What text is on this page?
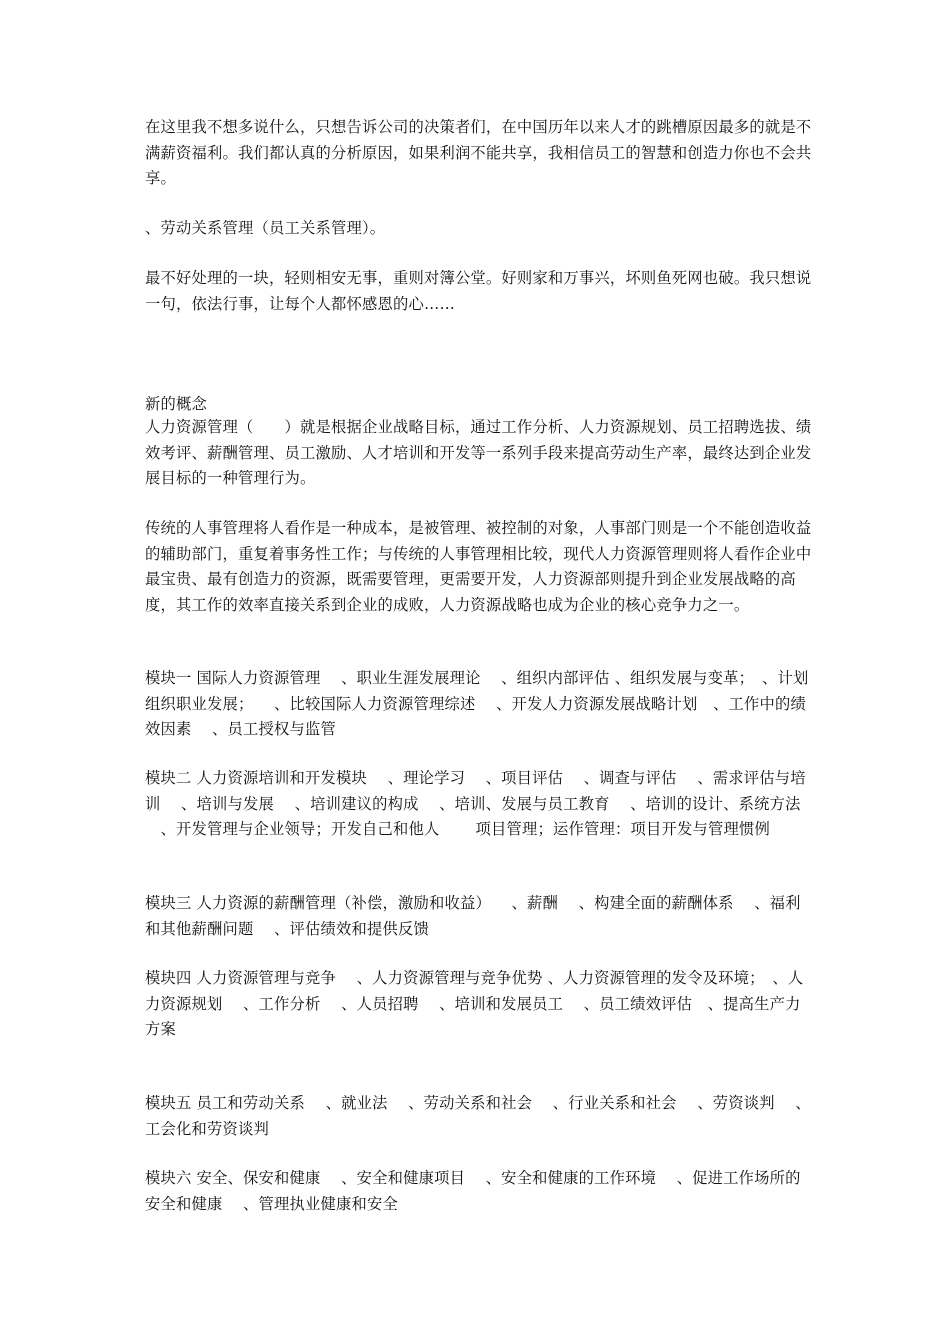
在这里我不想多说什么，只想告诉公司的决策者们，在中国历年以来人才的跳槽原因最多的就是不满薪资福利。我们都认真的分析原因，如果利润不能共享，我相信员工的智慧和创造力你也不会共享。

、劳动关系管理（员工关系管理）。

最不好处理的一块，轻则相安无事，重则对簿公堂。好则家和万事兴，坏则鱼死网也破。我只想说一句，依法行事，让每个人都怀感恩的心……

新的概念

人力资源管理（　　）就是根据企业战略目标，通过工作分析、人力资源规划、员工招聘选拔、绩效考评、薪酬管理、员工激励、人才培训和开发等一系列手段来提高劳动生产率，最终达到企业发展目标的一种管理行为。

传统的人事管理将人看作是一种成本，是被管理、被控制的对象，人事部门则是一个不能创造收益的辅助部门，重复着事务性工作；与传统的人事管理相比较，现代人力资源管理则将人看作企业中最宝贵、最有创造力的资源，既需要管理，更需要开发，人力资源部则提升到企业发展战略的高度，其工作的效率直接关系到企业的成败，人力资源战略也成为企业的核心竞争力之一。

模块一 国际人力资源管理 　、职业生涯发展理论 　、组织内部评估 、组织发展与变革；　、计划组织职业发展； 　、比较国际人力资源管理综述 　、开发人力资源发展战略计划　、工作中的绩效因素 　、员工授权与监管

模块二 人力资源培训和开发模块 　、理论学习 　、项目评估 　、调查与评估 　、需求评估与培训 　、培训与发展 　、培训建议的构成 　、培训、发展与员工教育 　、培训的设计、系统方法 　、开发管理与企业领导；开发自己和他人 　　项目管理；运作管理：项目开发与管理惯例

模块三 人力资源的薪酬管理（补偿，激励和收益） 　、薪酬 　、构建全面的薪酬体系 　、福利和其他薪酬问题 　、评估绩效和提供反馈

模块四 人力资源管理与竞争 　、人力资源管理与竞争优势 、人力资源管理的发令及环境；　、人力资源规划 　、工作分析 　、人员招聘 　、培训和发展员工 　、员工绩效评估　、提高生产力方案

模块五 员工和劳动关系 　、就业法 　、劳动关系和社会 　、行业关系和社会 　、劳资谈判 　、工会化和劳资谈判

模块六 安全、保安和健康 　、安全和健康项目 　、安全和健康的工作环境 　、促进工作场所的安全和健康 　、管理执业健康和安全
